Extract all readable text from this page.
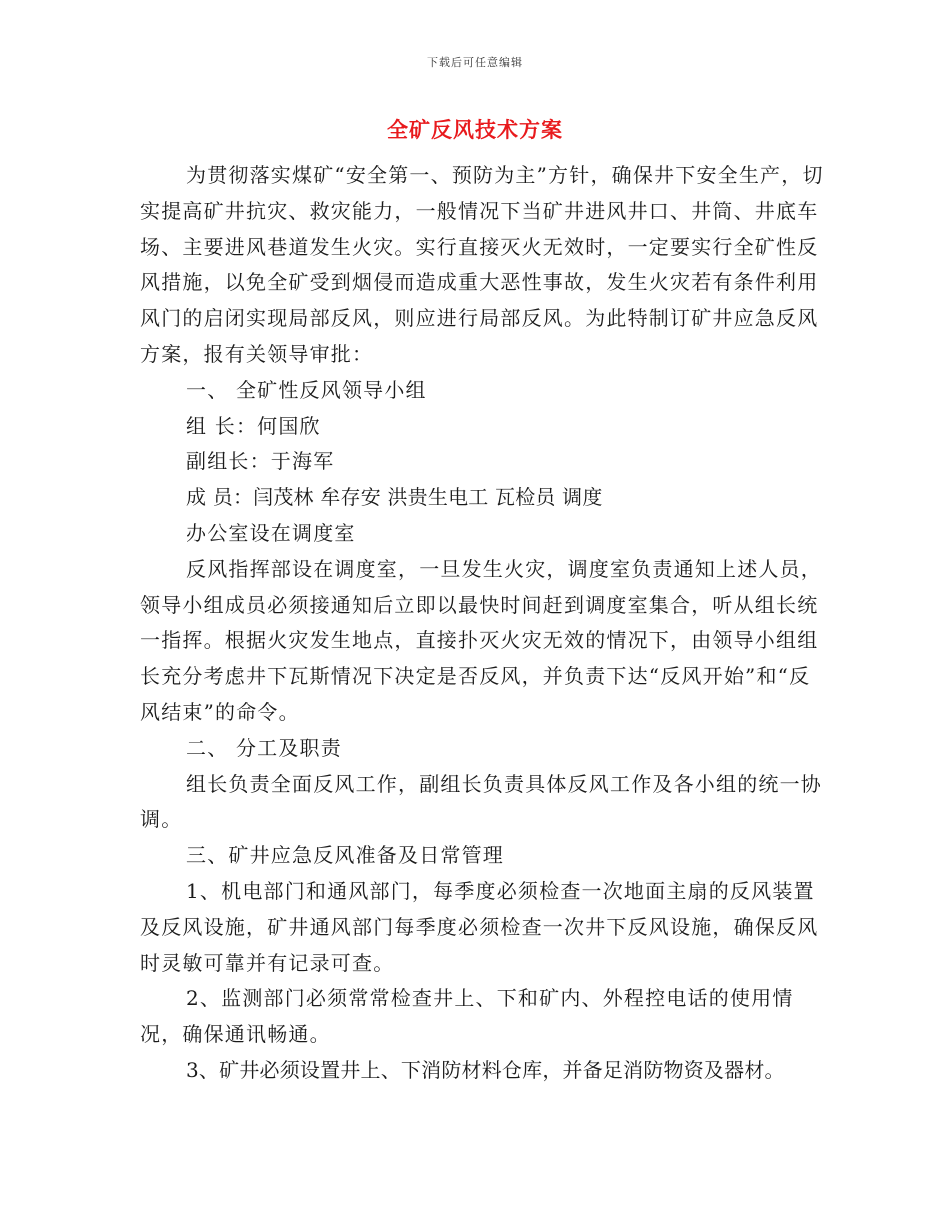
下载后可任意编辑
全矿反风技术方案

为贯彻落实煤矿“安全第一、预防为主”方针，确保井下安全生产，切实提高矿井抗灾、救灾能力，一般情况下当矿井进风井口、井筒、井底车场、主要进风巷道发生火灾。实行直接灭火无效时，一定要实行全矿性反风措施，以免全矿受到烟侵而造成重大恶性事故，发生火灾若有条件利用风门的启闭实现局部反风，则应进行局部反风。为此特制订矿井应急反风方案，报有关领导审批：

一、 全矿性反风领导小组

组 长：何国欣

副组长：于海军

成 员：闫茂林 牟存安 洪贵生电工 瓦检员 调度

办公室设在调度室

反风指挥部设在调度室，一旦发生火灾，调度室负责通知上述人员，领导小组成员必须接通知后立即以最快时间赶到调度室集合，听从组长统一指挥。根据火灾发生地点，直接扑灭火灾无效的情况下，由领导小组组长充分考虑井下瓦斯情况下决定是否反风，并负责下达“反风开始”和“反风结束”的命令。

二、 分工及职责

组长负责全面反风工作，副组长负责具体反风工作及各小组的统一协调。

三、矿井应急反风准备及日常管理

1、机电部门和通风部门，每季度必须检查一次地面主扇的反风装置及反风设施，矿井通风部门每季度必须检查一次井下反风设施，确保反风时灵敏可靠并有记录可查。

2、监测部门必须常常检查井上、下和矿内、外程控电话的使用情况，确保通讯畅通。

3、矿井必须设置井上、下消防材料仓库，并备足消防物资及器材。
